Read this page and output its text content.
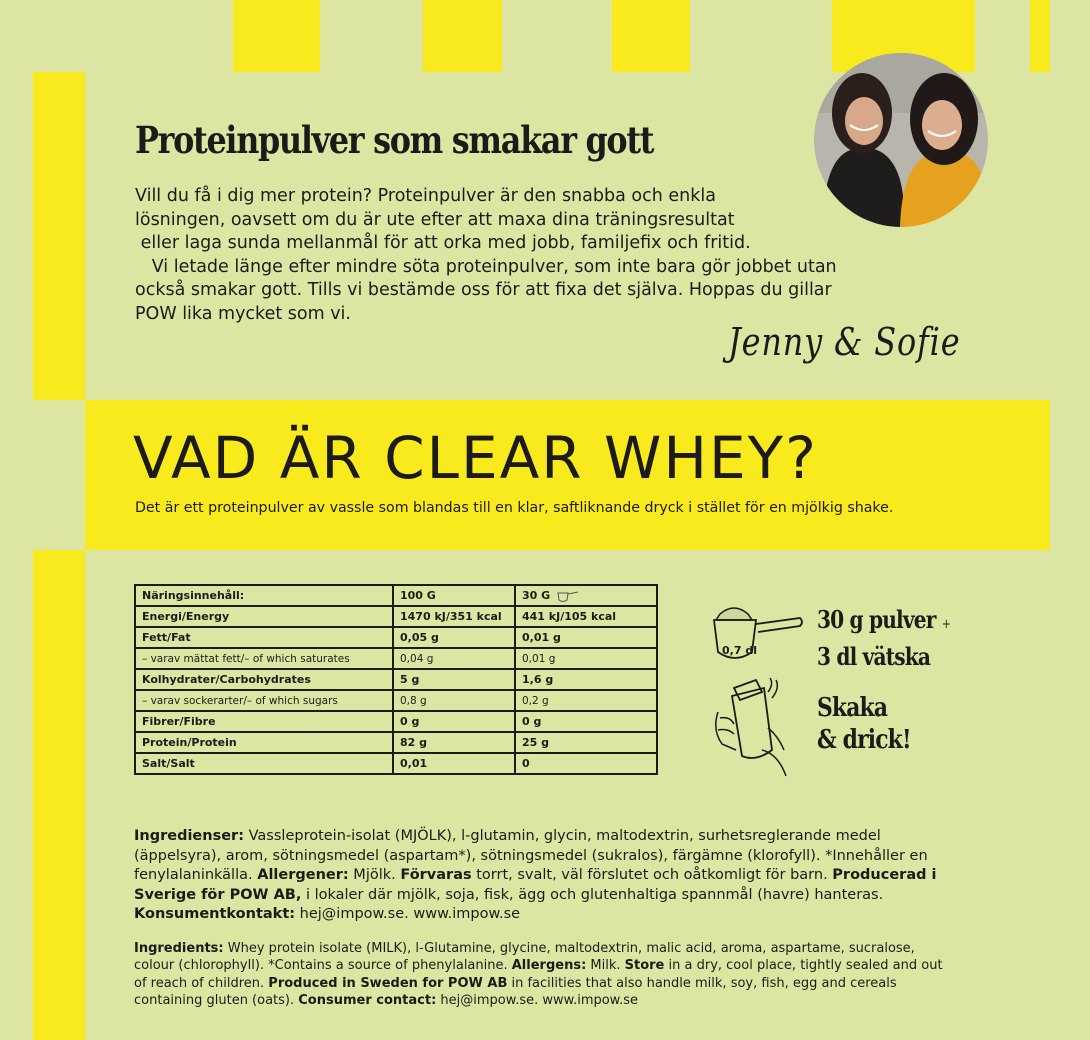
Proteinpulver som smakar gott
Vill du få i dig mer protein? Proteinpulver är den snabba och enkla
lösningen, oavsett om du är ute efter att maxa dina träningsresultat
eller laga sunda mellanmål för att orka med jobb, familjefix och fritid.
Vi letade länge efter mindre söta proteinpulver, som inte bara gör jobbet utan
också smakar gott. Tills vi bestämde oss för att fixa det själva. Hoppas du gillar
POW lika mycket som vi.
Jenny & Sofie
VAD ÄR CLEAR WHEY?
Det är ett proteinpulver av vassle som blandas till en klar, saftliknande dryck i stället för en mjölkig shake.
Näringsinnehåll:	100 G	30 G
Energi/Energy	1470 kJ/351 kcal	441 kJ/105 kcal
Fett/Fat	0,05 g	0,01 g
– varav mättat fett/– of which saturates	0,04 g	0,01 g
Kolhydrater/Carbohydrates	5 g	1,6 g
– varav sockerarter/– of which sugars	0,8 g	0,2 g
Fibrer/Fibre	0 g	0 g
Protein/Protein	82 g	25 g
Salt/Salt	0,01	0
0,7 dl
30 g pulver +
3 dl vätska
Skaka
& drick!

Ingredienser: Vassleprotein-isolat (MJÖLK), l-glutamin, glycin, maltodextrin, surhetsreglerande medel (äppelsyra), arom, sötningsmedel (aspartam*), sötningsmedel (sukralos), färgämne (klorofyll). *Innehåller en fenylalaninkälla. Allergener: Mjölk. Förvaras torrt, svalt, väl förslutet och oåtkomligt för barn. Producerad i Sverige för POW AB, i lokaler där mjölk, soja, fisk, ägg och glutenhaltiga spannmål (havre) hanteras. Konsumentkontakt: hej@impow.se. www.impow.se

Ingredients: Whey protein isolate (MILK), l-Glutamine, glycine, maltodextrin, malic acid, aroma, aspartame, sucralose, colour (chlorophyll). *Contains a source of phenylalanine. Allergens: Milk. Store in a dry, cool place, tightly sealed and out of reach of children. Produced in Sweden for POW AB in facilities that also handle milk, soy, fish, egg and cereals containing gluten (oats). Consumer contact: hej@impow.se. www.impow.se
